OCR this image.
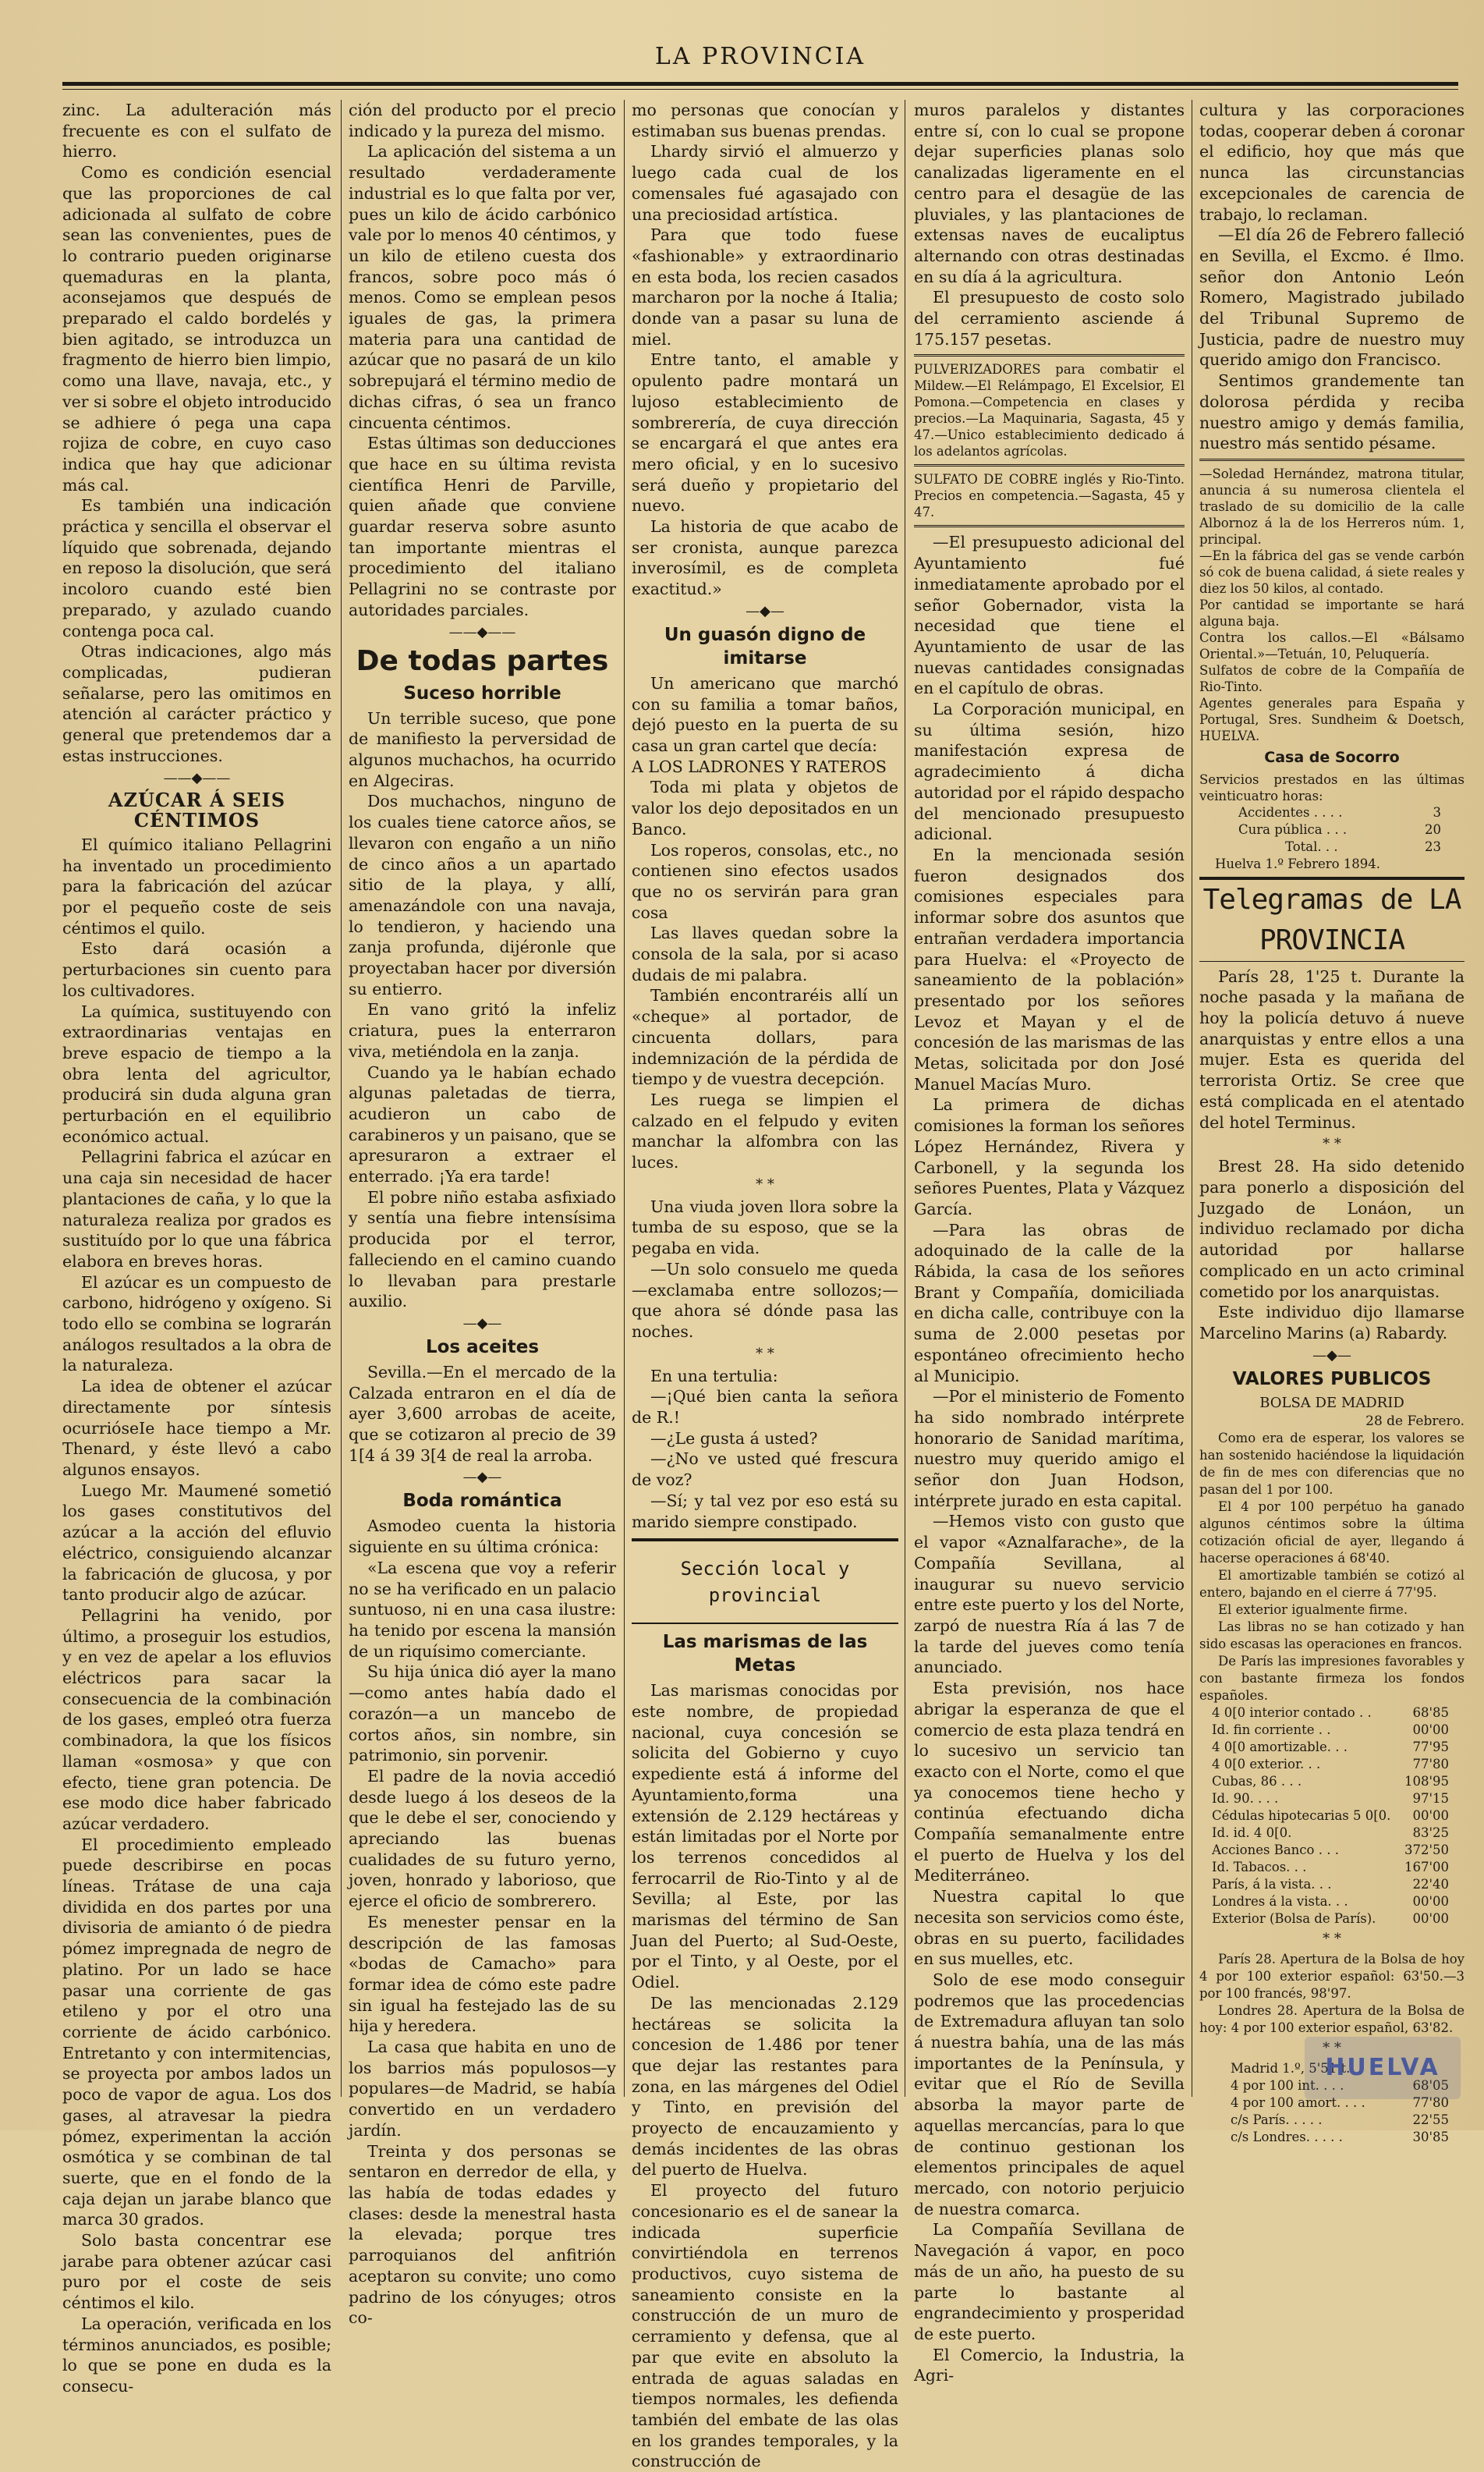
LA PROVINCIA

zinc. La adulteración más frecuente es con el sulfato de hierro.

Como es condición esencial que las proporciones de cal adicionada al sulfato de cobre sean las convenientes, pues de lo contrario pueden originarse quemaduras en la planta, aconsejamos que después de preparado el caldo bordelés y bien agitado, se introduzca un fragmento de hierro bien limpio, como una llave, navaja, etc., y ver si sobre el objeto introducido se adhiere ó pega una capa rojiza de cobre, en cuyo caso indica que hay que adicionar más cal.

Es también una indicación práctica y sencilla el observar el líquido que sobrenada, dejando en reposo la disolución, que será incoloro cuando esté bien preparado, y azulado cuando contenga poca cal.

Otras indicaciones, algo más complicadas, pudieran señalarse, pero las omitimos en atención al carácter práctico y general que pretendemos dar a estas instrucciones.

——◆——
AZÚCAR Á SEIS CÉNTIMOS

El químico italiano Pellagrini ha inventado un procedimiento para la fabricación del azúcar por el pequeño coste de seis céntimos el quilo.

Esto dará ocasión a perturbaciones sin cuento para los cultivadores.

La química, sustituyendo con extraordinarias ventajas en breve espacio de tiempo a la obra lenta del agricultor, producirá sin duda alguna gran perturbación en el equilibrio económico actual.

Pellagrini fabrica el azúcar en una caja sin necesidad de hacer plantaciones de caña, y lo que la naturaleza realiza por grados es sustituído por lo que una fábrica elabora en breves horas.

El azúcar es un compuesto de carbono, hidrógeno y oxígeno. Si todo ello se combina se lograrán análogos resultados a la obra de la naturaleza.

La idea de obtener el azúcar directamente por síntesis ocurrióseIe hace tiempo a Mr. Thenard, y éste llevó a cabo algunos ensayos.

Luego Mr. Maumené sometió los gases constitutivos del azúcar a la acción del efluvio eléctrico, consiguiendo alcanzar la fabricación de glucosa, y por tanto producir algo de azúcar.

Pellagrini ha venido, por último, a proseguir los estudios, y en vez de apelar a los efluvios eléctricos para sacar la consecuencia de la combinación de los gases, empleó otra fuerza combinadora, la que los físicos llaman «osmosa» y que con efecto, tiene gran potencia. De ese modo dice haber fabricado azúcar verdadero.

El procedimiento empleado puede describirse en pocas líneas. Trátase de una caja dividida en dos partes por una divisoria de amianto ó de piedra pómez impregnada de negro de platino. Por un lado se hace pasar una corriente de gas etileno y por el otro una corriente de ácido carbónico. Entretanto y con intermitencias, se proyecta por ambos lados un poco de vapor de agua. Los dos gases, al atravesar la piedra pómez, experimentan la acción osmótica y se combinan de tal suerte, que en el fondo de la caja dejan un jarabe blanco que marca 30 grados.

Solo basta concentrar ese jarabe para obtener azúcar casi puro por el coste de seis céntimos el kilo.

La operación, verificada en los términos anunciados, es posible; lo que se pone en duda es la consecu-

ción del producto por el precio indicado y la pureza del mismo.

La aplicación del sistema a un resultado verdaderamente industrial es lo que falta por ver, pues un kilo de ácido carbónico vale por lo menos 40 céntimos, y un kilo de etileno cuesta dos francos, sobre poco más ó menos. Como se emplean pesos iguales de gas, la primera materia para una cantidad de azúcar que no pasará de un kilo sobrepujará el término medio de dichas cifras, ó sea un franco cincuenta céntimos.

Estas últimas son deducciones que hace en su última revista científica Henri de Parville, quien añade que conviene guardar reserva sobre asunto tan importante mientras el procedimiento del italiano Pellagrini no se contraste por autoridades parciales.

——◆——
De todas partes
Suceso horrible

Un terrible suceso, que pone de manifiesto la perversidad de algunos muchachos, ha ocurrido en Algeciras.

Dos muchachos, ninguno de los cuales tiene catorce años, se llevaron con engaño a un niño de cinco años a un apartado sitio de la playa, y allí, amenazándole con una navaja, lo tendieron, y haciendo una zanja profunda, dijéronle que proyectaban hacer por diversión su entierro.

En vano gritó la infeliz criatura, pues la enterraron viva, metiéndola en la zanja.

Cuando ya le habían echado algunas paletadas de tierra, acudieron un cabo de carabineros y un paisano, que se apresuraron a extraer el enterrado. ¡Ya era tarde!

El pobre niño estaba asfixiado y sentía una fiebre intensísima producida por el terror, falleciendo en el camino cuando lo llevaban para prestarle auxilio.

—◆—
Los aceites

Sevilla.—En el mercado de la Calzada entraron en el día de ayer 3,600 arrobas de aceite, que se cotizaron al precio de 39 1[4 á 39 3[4 de real la arroba.

—◆—
Boda romántica

Asmodeo cuenta la historia siguiente en su última crónica:

«La escena que voy a referir no se ha verificado en un palacio suntuoso, ni en una casa ilustre: ha tenido por escena la mansión de un riquísimo comerciante.

Su hija única dió ayer la mano—como antes había dado el corazón—a un mancebo de cortos años, sin nombre, sin patrimonio, sin porvenir.

El padre de la novia accedió desde luego á los deseos de la que le debe el ser, conociendo y apreciando las buenas cualidades de su futuro yerno, joven, honrado y laborioso, que ejerce el oficio de sombrerero.

Es menester pensar en la descripción de las famosas «bodas de Camacho» para formar idea de cómo este padre sin igual ha festejado las de su hija y heredera.

La casa que habita en uno de los barrios más populosos—y populares—de Madrid, se había convertido en un verdadero jardín.

Treinta y dos personas se sentaron en derredor de ella, y las había de todas edades y clases: desde la menestral hasta la elevada; porque tres parroquianos del anfitrión aceptaron su convite; uno como padrino de los cónyuges; otros co-

mo personas que conocían y estimaban sus buenas prendas.

Lhardy sirvió el almuerzo y luego cada cual de los comensales fué agasajado con una preciosidad artística.

Para que todo fuese «fashionable» y extraordinario en esta boda, los recien casados marcharon por la noche á Italia; donde van a pasar su luna de miel.

Entre tanto, el amable y opulento padre montará un lujoso establecimiento de sombrerería, de cuya dirección se encargará el que antes era mero oficial, y en lo sucesivo será dueño y propietario del nuevo.

La historia de que acabo de ser cronista, aunque parezca inverosímil, es de completa exactitud.»

—◆—
Un guasón digno de imitarse

Un americano que marchó con su familia a tomar baños, dejó puesto en la puerta de su casa un gran cartel que decía:

A LOS LADRONES Y RATEROS

Toda mi plata y objetos de valor los dejo depositados en un Banco.

Los roperos, consolas, etc., no contienen sino efectos usados que no os servirán para gran cosa

Las llaves quedan sobre la consola de la sala, por si acaso dudais de mi palabra.

También encontraréis allí un «cheque» al portador, de cincuenta dollars, para indemnización de la pérdida de tiempo y de vuestra decepción.

Les ruega se limpien el calzado en el felpudo y eviten manchar la alfombra con las luces.

* *

Una viuda joven llora sobre la tumba de su esposo, que se la pegaba en vida.

—Un solo consuelo me queda—exclamaba entre sollozos;—que ahora sé dónde pasa las noches.

* *

En una tertulia:

—¡Qué bien canta la señora de R.!

—¿Le gusta á usted?

—¿No ve usted qué frescura de voz?

—Sí; y tal vez por eso está su marido siempre constipado.

Sección local y provincial
Las marismas de las Metas

Las marismas conocidas por este nombre, de propiedad nacional, cuya concesión se solicita del Gobierno y cuyo expediente está á informe del Ayuntamiento,forma una extensión de 2.129 hectáreas y están limitadas por el Norte por los terrenos concedidos al ferrocarril de Rio-Tinto y al de Sevilla; al Este, por las marismas del término de San Juan del Puerto; al Sud-Oeste, por el Tinto, y al Oeste, por el Odiel.

De las mencionadas 2.129 hectáreas se solicita la concesion de 1.486 por tener que dejar las restantes para zona, en las márgenes del Odiel y Tinto, en previsión del proyecto de encauzamiento y demás incidentes de las obras del puerto de Huelva.

El proyecto del futuro concesionario es el de sanear la indicada superficie convirtiéndola en terrenos productivos, cuyo sistema de saneamiento consiste en la construcción de un muro de cerramiento y defensa, que al par que evite en absoluto la entrada de aguas saladas en tiempos normales, les defienda también del embate de las olas en los grandes temporales, y la construcción de

muros paralelos y distantes entre sí, con lo cual se propone dejar superficies planas solo canalizadas ligeramente en el centro para el desagüe de las pluviales, y las plantaciones de extensas naves de eucaliptus alternando con otras destinadas en su día á la agricultura.

El presupuesto de costo solo del cerramiento asciende á 175.157 pesetas.

PULVERIZADORES para combatir el Mildew.—El Relámpago, El Excelsior, El Pomona.—Competencia en clases y precios.—La Maquinaria, Sagasta, 45 y 47.—Unico establecimiento dedicado á los adelantos agrícolas.

SULFATO DE COBRE inglés y Rio-Tinto. Precios en competencia.—Sagasta, 45 y 47.

—El presupuesto adicional del Ayuntamiento fué inmediatamente aprobado por el señor Gobernador, vista la necesidad que tiene el Ayuntamiento de usar de las nuevas cantidades consignadas en el capítulo de obras.

La Corporación municipal, en su última sesión, hizo manifestación expresa de agradecimiento á dicha autoridad por el rápido despacho del mencionado presupuesto adicional.

En la mencionada sesión fueron designados dos comisiones especiales para informar sobre dos asuntos que entrañan verdadera importancia para Huelva: el «Proyecto de saneamiento de la población» presentado por los señores Levoz et Mayan y el de concesión de las marismas de las Metas, solicitada por don José Manuel Macías Muro.

La primera de dichas comisiones la forman los señores López Hernández, Rivera y Carbonell, y la segunda los señores Puentes, Plata y Vázquez García.

—Para las obras de adoquinado de la calle de la Rábida, la casa de los señores Brant y Compañía, domiciliada en dicha calle, contribuye con la suma de 2.000 pesetas por espontáneo ofrecimiento hecho al Municipio.

—Por el ministerio de Fomento ha sido nombrado intérprete honorario de Sanidad marítima, nuestro muy querido amigo el señor don Juan Hodson, intérprete jurado en esta capital.

—Hemos visto con gusto que el vapor «Aznalfarache», de la Compañía Sevillana, al inaugurar su nuevo servicio entre este puerto y los del Norte, zarpó de nuestra Ría á las 7 de la tarde del jueves como tenía anunciado.

Esta previsión, nos hace abrigar la esperanza de que el comercio de esta plaza tendrá en lo sucesivo un servicio tan exacto con el Norte, como el que ya conocemos tiene hecho y continúa efectuando dicha Compañía semanalmente entre el puerto de Huelva y los del Mediterráneo.

Nuestra capital lo que necesita son servicios como éste, obras en su puerto, facilidades en sus muelles, etc.

Solo de ese modo conseguir podremos que las procedencias de Extremadura afluyan tan solo á nuestra bahía, una de las más importantes de la Península, y evitar que el Río de Sevilla absorba la mayor parte de aquellas mercancías, para lo que de continuo gestionan los elementos principales de aquel mercado, con notorio perjuicio de nuestra comarca.

La Compañía Sevillana de Navegación á vapor, en poco más de un año, ha puesto de su parte lo bastante al engrandecimiento y prosperidad de este puerto.

El Comercio, la Industria, la Agri-

cultura y las corporaciones todas, cooperar deben á coronar el edificio, hoy que más que nunca las circunstancias excepcionales de carencia de trabajo, lo reclaman.

—El día 26 de Febrero falleció en Sevilla, el Excmo. é Ilmo. señor don Antonio León Romero, Magistrado jubilado del Tribunal Supremo de Justicia, padre de nuestro muy querido amigo don Francisco.

Sentimos grandemente tan dolorosa pérdida y reciba nuestro amigo y demás familia, nuestro más sentido pésame.

—Soledad Hernández, matrona titular, anuncia á su numerosa clientela el traslado de su domicilio de la calle Albornoz á la de los Herreros núm. 1, principal.

—En la fábrica del gas se vende carbón só cok de buena calidad, á siete reales y diez los 50 kilos, al contado.

Por cantidad se importante se hará alguna baja.

Contra los callos.—El «Bálsamo Oriental.»—Tetuán, 10, Peluquería.

Sulfatos de cobre de la Compañía de Rio-Tinto.

Agentes generales para España y Portugal, Sres. Sundheim & Doetsch, HUELVA.

Casa de Socorro

Servicios prestados en las últimas veinticuatro horas:

Accidentes . . . .	3
Cura pública . . .	20
Total. . .	23

Huelva 1.º Febrero 1894.

Telegramas de LA PROVINCIA

París 28, 1'25 t. Durante la noche pasada y la mañana de hoy la policía detuvo á nueve anarquistas y entre ellos a una mujer. Esta es querida del terrorista Ortiz. Se cree que está complicada en el atentado del hotel Terminus.

* *

Brest 28. Ha sido detenido para ponerlo a disposición del Juzgado de Lonáon, un individuo reclamado por dicha autoridad por hallarse complicado en un acto criminal cometido por los anarquistas.

Este individuo dijo llamarse Marcelino Marins (a) Rabardy.

—◆—
VALORES PUBLICOS
BOLSA DE MADRID
28 de Febrero.

Como era de esperar, los valores se han sostenido haciéndose la liquidación de fin de mes con diferencias que no pasan del 1 por 100.

El 4 por 100 perpétuo ha ganado algunos céntimos sobre la última cotización oficial de ayer, llegando á hacerse operaciones á 68'40.

El amortizable también se cotizó al entero, bajando en el cierre á 77'95.

El exterior igualmente firme.

Las libras no se han cotizado y han sido escasas las operaciones en francos.

De París las impresiones favorables y con bastante firmeza los fondos españoles.

4 0[0 interior contado . .	68'85
Id. fin corriente . .	00'00
4 0[0 amortizable. . .	77'95
4 0[0 exterior. . .	77'80
Cubas, 86 . . .	108'95
Id. 90. . . .	97'15
Cédulas hipotecarias 5 0[0.	00'00
Id. id. 4 0[0.	83'25
Acciones Banco . . .	372'50
Id. Tabacos. . .	167'00
París, á la vista. . .	22'40
Londres á la vista. . .	00'00
Exterior (Bolsa de París).	00'00
* *

París 28. Apertura de la Bolsa de hoy 4 por 100 exterior español: 63'50.—3 por 100 francés, 98'97.

Londres 28. Apertura de la Bolsa de hoy: 4 por 100 exterior español, 63'82.

* *
Madrid 1.º, 5'51 t.
4 por 100 int. . . .	68'05
4 por 100 amort. . . .	77'80
c/s París. . . . .	22'55
c/s Londres. . . . .	30'85
HUELVA
